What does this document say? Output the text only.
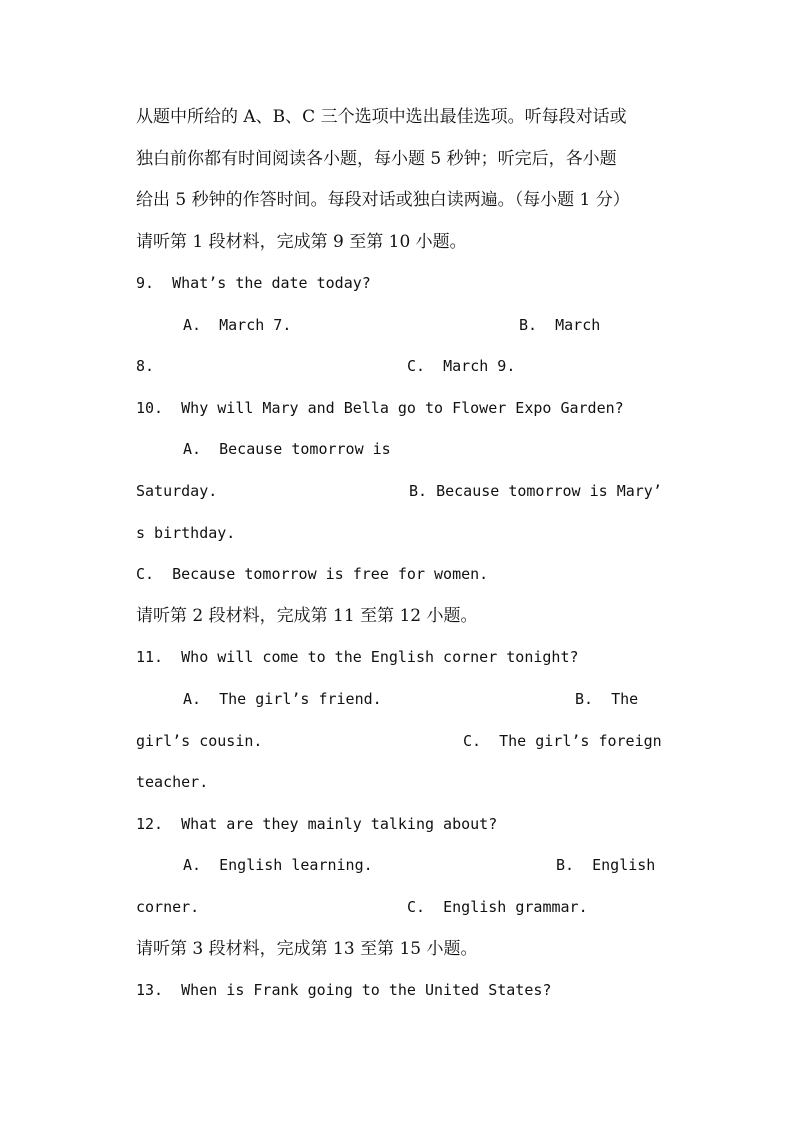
从题中所给的 A、B、C 三个选项中选出最佳选项。听每段对话或
独白前你都有时间阅读各小题，每小题 5 秒钟；听完后，各小题
给出 5 秒钟的作答时间。每段对话或独白读两遍。（每小题 1 分）
请听第 1 段材料，完成第 9 至第 10 小题。
9.  What’s the date today?
A.  March 7.	B.  March
8.	C.  March 9.
10.  Why will Mary and Bella go to Flower Expo Garden?
A.  Because tomorrow is
Saturday.	B. Because tomorrow is Mary’
s birthday.
C.  Because tomorrow is free for women.
请听第 2 段材料，完成第 11 至第 12 小题。
11.  Who will come to the English corner tonight?
A.  The girl’s friend.	B.  The
girl’s cousin.	C.  The girl’s foreign
teacher.
12.  What are they mainly talking about?
A.  English learning.	B.  English
corner.	C.  English grammar.
请听第 3 段材料，完成第 13 至第 15 小题。
13.  When is Frank going to the United States?
